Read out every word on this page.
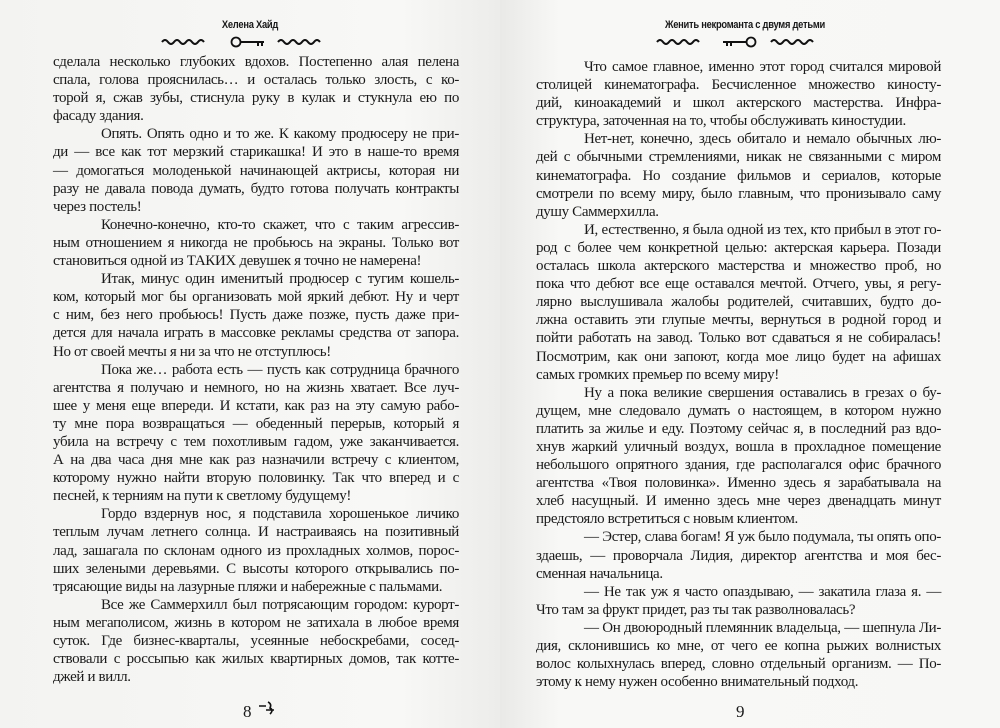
Хелена Хайд
сделала несколько глубоких вдохов. Постепенно алая пелена
спала, голова прояснилась… и осталась только злость, с ко-
торой я, сжав зубы, стиснула руку в кулак и стукнула ею по
фасаду здания.
Опять. Опять одно и то же. К какому продюсеру не при-
ди — все как тот мерзкий старикашка! И это в наше-то время
— домогаться молоденькой начинающей актрисы, которая ни
разу не давала повода думать, будто готова получать контракты
через постель!
Конечно-конечно, кто-то скажет, что с таким агрессив-
ным отношением я никогда не пробьюсь на экраны. Только вот
становиться одной из ТАКИХ девушек я точно не намерена!
Итак, минус один именитый продюсер с тугим кошель-
ком, который мог бы организовать мой яркий дебют. Ну и черт
с ним, без него пробьюсь! Пусть даже позже, пусть даже при-
дется для начала играть в массовке рекламы средства от запора.
Но от своей мечты я ни за что не отступлюсь!
Пока же… работа есть — пусть как сотрудница брачного
агентства я получаю и немного, но на жизнь хватает. Все луч-
шее у меня еще впереди. И кстати, как раз на эту самую рабо-
ту мне пора возвращаться — обеденный перерыв, который я
убила на встречу с тем похотливым гадом, уже заканчивается.
А на два часа дня мне как раз назначили встречу с клиентом,
которому нужно найти вторую половинку. Так что вперед и с
песней, к терниям на пути к светлому будущему!
Гордо вздернув нос, я подставила хорошенькое личико
теплым лучам летнего солнца. И настраиваясь на позитивный
лад, зашагала по склонам одного из прохладных холмов, порос-
ших зелеными деревьями. С высоты которого открывались по-
трясающие виды на лазурные пляжи и набережные с пальмами.
Все же Саммерхилл был потрясающим городом: курорт-
ным мегаполисом, жизнь в котором не затихала в любое время
суток. Где бизнес-кварталы, усеянные небоскребами, сосед-
ствовали с россыпью как жилых квартирных домов, так котте-
джей и вилл.
8
Женить некроманта с двумя детьми
Что самое главное, именно этот город считался мировой
столицей кинематографа. Бесчисленное множество киносту-
дий, киноакадемий и школ актерского мастерства. Инфра-
структура, заточенная на то, чтобы обслуживать киностудии.
Нет-нет, конечно, здесь обитало и немало обычных лю-
дей с обычными стремлениями, никак не связанными с миром
кинематографа. Но создание фильмов и сериалов, которые
смотрели по всему миру, было главным, что пронизывало саму
душу Саммерхилла.
И, естественно, я была одной из тех, кто прибыл в этот го-
род с более чем конкретной целью: актерская карьера. Позади
осталась школа актерского мастерства и множество проб, но
пока что дебют все еще оставался мечтой. Отчего, увы, я регу-
лярно выслушивала жалобы родителей, считавших, будто до-
лжна оставить эти глупые мечты, вернуться в родной город и
пойти работать на завод. Только вот сдаваться я не собиралась!
Посмотрим, как они запоют, когда мое лицо будет на афишах
самых громких премьер по всему миру!
Ну а пока великие свершения оставались в грезах о бу-
дущем, мне следовало думать о настоящем, в котором нужно
платить за жилье и еду. Поэтому сейчас я, в последний раз вдо-
хнув жаркий уличный воздух, вошла в прохладное помещение
небольшого опрятного здания, где располагался офис брачного
агентства «Твоя половинка». Именно здесь я зарабатывала на
хлеб насущный. И именно здесь мне через двенадцать минут
предстояло встретиться с новым клиентом.
— Эстер, слава богам! Я уж было подумала, ты опять опо-
здаешь, — проворчала Лидия, директор агентства и моя бес-
сменная начальница.
— Не так уж я часто опаздываю, — закатила глаза я. —
Что там за фрукт придет, раз ты так разволновалась?
— Он двоюродный племянник владельца, — шепнула Ли-
дия, склонившись ко мне, от чего ее копна рыжих волнистых
волос колыхнулась вперед, словно отдельный организм. — По-
этому к нему нужен особенно внимательный подход.
9
